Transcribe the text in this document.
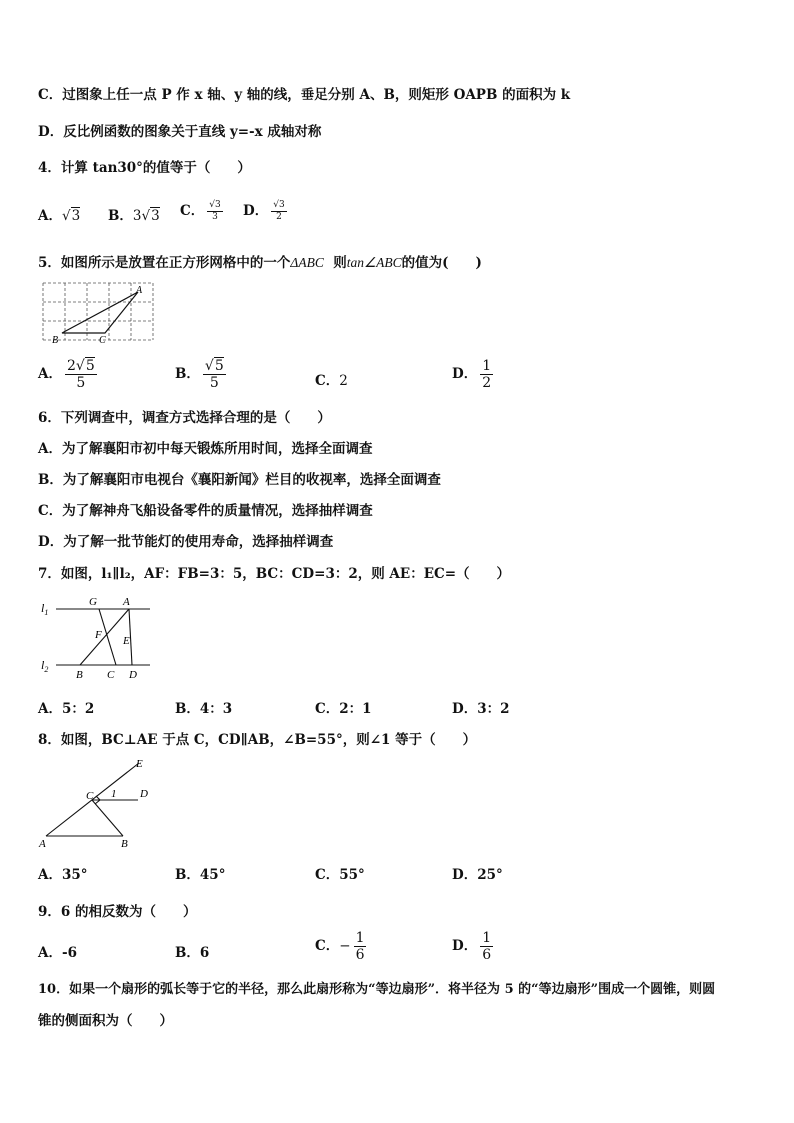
C．过图象上任一点 P 作 x 轴、y 轴的线，垂足分别 A、B，则矩形 OAPB 的面积为 k
D．反比例函数的图象关于直线 y=-x 成轴对称
4．计算 tan30°的值等于（　　）
A．√3 B．3√3 C． $\frac{√3}{3}$ D． $\frac{√3}{2}$
5．如图所示是放置在正方形网格中的一个ΔABC 则tan∠ABC的值为(　　)
A
B	C
A． $\frac{2√5}{5}$	B． $\frac{√5}{5}$	C．2	D． $\frac{1}{2}$
6．下列调查中，调查方式选择合理的是（　　）
A．为了解襄阳市初中每天锻炼所用时间，选择全面调查
B．为了解襄阳市电视台《襄阳新闻》栏目的收视率，选择全面调查
C．为了解神舟飞船设备零件的质量情况，选择抽样调查
D．为了解一批节能灯的使用寿命，选择抽样调查
7．如图，l₁∥l₂，AF：FB=3：5，BC：CD=3：2，则 AE：EC=（　　）
$l_1$
$l_2$
G A
F E
B C D
A．5：2	B．4：3	C．2：1	D．3：2
8．如图，BC⊥AE 于点 C，CD∥AB，∠B=55°，则∠1 等于（　　）
E
C 1 D
A	B
A．35°	B．45°	C．55°	D．25°
9．6 的相反数为（　　）
A．-6	B．6	C．− $\frac{1}{6}$	D． $\frac{1}{6}$
10．如果一个扇形的弧长等于它的半径，那么此扇形称为“等边扇形”．将半径为 5 的“等边扇形”围成一个圆锥，则圆
锥的侧面积为（　　）
